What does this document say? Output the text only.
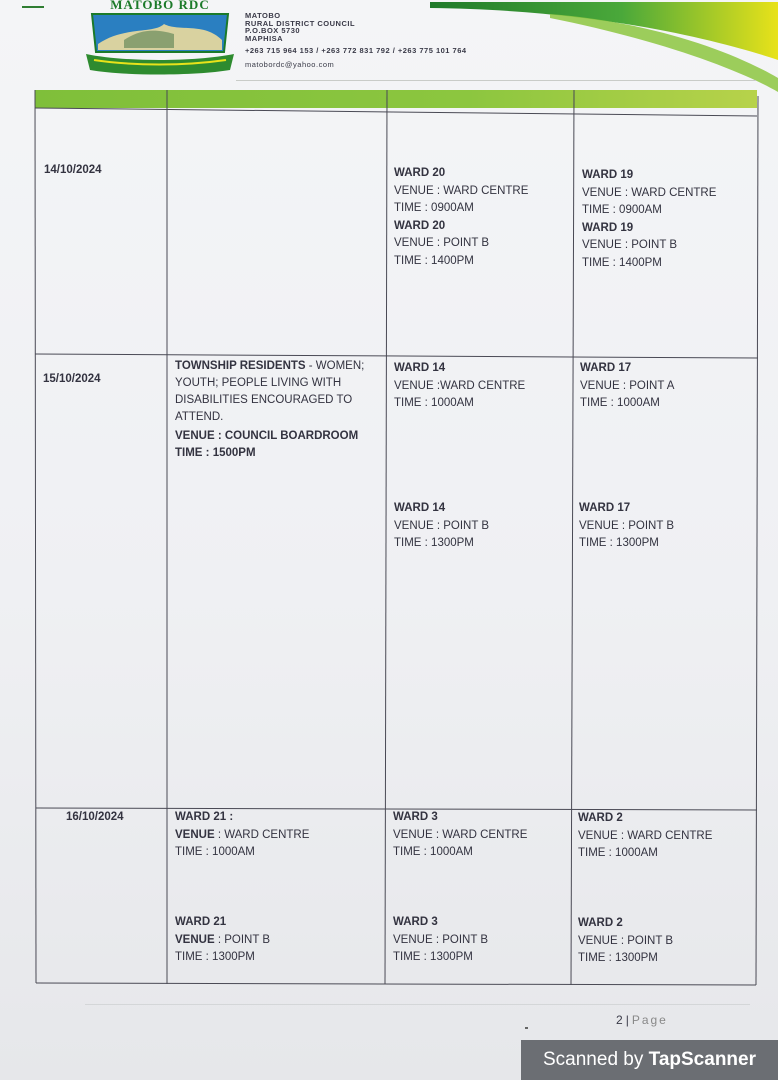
MATOBO RDC
MATOBO
RURAL DISTRICT COUNCIL
P.O.BOX 5730
MAPHISA
+263 715 964 153 / +263 772 831 792 / +263 775 101 764
matobordc@yahoo.com
14/10/2024	WARD 20
VENUE : WARD CENTRE
TIME : 0900AM
WARD 20
VENUE : POINT B
TIME : 1400PM
WARD 19
VENUE : WARD CENTRE
TIME : 0900AM
WARD 19
VENUE : POINT B
TIME : 1400PM
15/10/2024
TOWNSHIP RESIDENTS - WOMEN;
YOUTH; PEOPLE LIVING WITH
DISABILITIES ENCOURAGED TO
ATTEND.
VENUE : COUNCIL BOARDROOM
TIME : 1500PM
WARD 14
VENUE :WARD CENTRE
TIME : 1000AM
WARD 14
VENUE : POINT B
TIME : 1300PM
WARD 17
VENUE : POINT A
TIME : 1000AM
WARD 17
VENUE : POINT B
TIME : 1300PM
16/10/2024	WARD 21 :
VENUE : WARD CENTRE
TIME : 1000AM
WARD 21
VENUE : POINT B
TIME : 1300PM
WARD 3
VENUE : WARD CENTRE
TIME : 1000AM
WARD 3
VENUE : POINT B
TIME : 1300PM
WARD 2
VENUE : WARD CENTRE
TIME : 1000AM
WARD 2
VENUE : POINT B
TIME : 1300PM
2 | Page
Scanned by TapScanner
